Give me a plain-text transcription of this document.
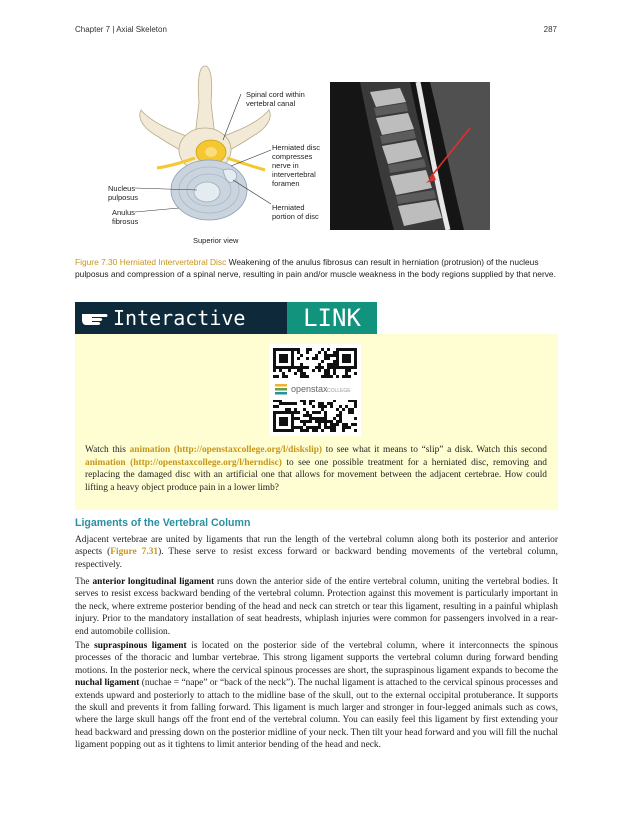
Chapter 7 | Axial Skeleton	287
Spinal cord within
vertebral canal
Herniated disc
compresses
nerve in
intervertebral
foramen
Herniated
portion of disc
Nucleus
pulposus
Anulus
fibrosus
Superior view
Figure 7.30 Herniated Intervertebral Disc Weakening of the anulus fibrosus can result in herniation (protrusion) of the nucleus pulposus and compression of a spinal nerve, resulting in pain and/or muscle weakness in the body regions supplied by that nerve.
Interactive	LINK
openstax COLLEGE
Watch this animation (http://openstaxcollege.org/l/diskslip) to see what it means to “slip” a disk. Watch this second animation (http://openstaxcollege.org/l/herndisc) to see one possible treatment for a herniated disc, removing and replacing the damaged disc with an artificial one that allows for movement between the adjacent certebrae. How could lifting a heavy object produce pain in a lower limb?
Ligaments of the Vertebral Column
Adjacent vertebrae are united by ligaments that run the length of the vertebral column along both its posterior and anterior aspects (Figure 7.31). These serve to resist excess forward or backward bending movements of the vertebral column, respectively.
The anterior longitudinal ligament runs down the anterior side of the entire vertebral column, uniting the vertebral bodies. It serves to resist excess backward bending of the vertebral column. Protection against this movement is particularly important in the neck, where extreme posterior bending of the head and neck can stretch or tear this ligament, resulting in a painful whiplash injury. Prior to the mandatory installation of seat headrests, whiplash injuries were common for passengers involved in a rear-end automobile collision.
The supraspinous ligament is located on the posterior side of the vertebral column, where it interconnects the spinous processes of the thoracic and lumbar vertebrae. This strong ligament supports the vertebral column during forward bending motions. In the posterior neck, where the cervical spinous processes are short, the supraspinous ligament expands to become the nuchal ligament (nuchae = “nape” or “back of the neck”). The nuchal ligament is attached to the cervical spinous processes and extends upward and posteriorly to attach to the midline base of the skull, out to the external occipital protuberance. It supports the skull and prevents it from falling forward. This ligament is much larger and stronger in four-legged animals such as cows, where the large skull hangs off the front end of the vertebral column. You can easily feel this ligament by first extending your head backward and pressing down on the posterior midline of your neck. Then tilt your head forward and you will fill the nuchal ligament popping out as it tightens to limit anterior bending of the head and neck.
